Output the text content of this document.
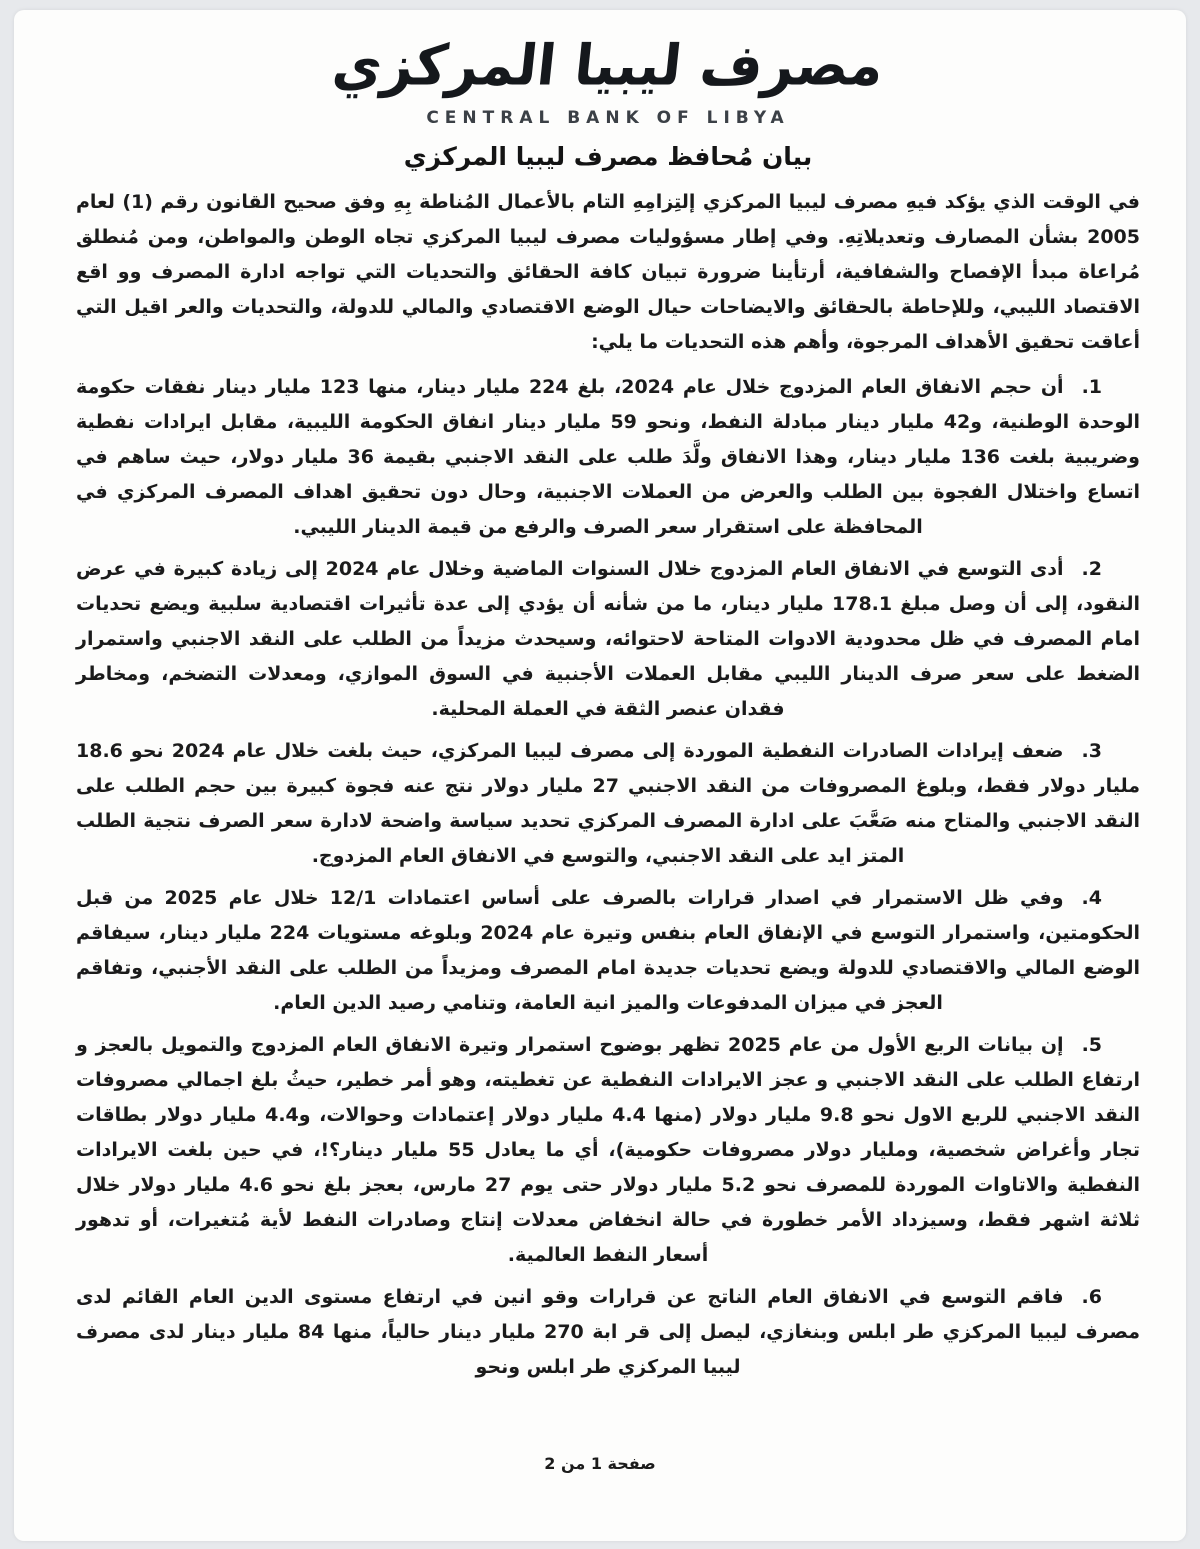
مصرف ليبيا المركزي
CENTRAL BANK OF LIBYA
بيان مُحافظ مصرف ليبيا المركزي

في الوقت الذي يؤكد فيهِ مصرف ليبيا المركزي إلتِزامِهِ التام بالأعمال المُناطة بِهِ وفق صحيح القانون رقم (1) لعام 2005 بشأن المصارف وتعديلاتِهِ. وفي إطار مسؤوليات مصرف ليبيا المركزي تجاه الوطن والمواطن، ومن مُنطلق مُراعاة مبدأ الإفصاح والشفافية، أرتأينا ضرورة تبيان كافة الحقائق والتحديات التي تواجه ادارة المصرف وو اقع الاقتصاد الليبي، وللإحاطة بالحقائق والايضاحات حيال الوضع الاقتصادي والمالي للدولة، والتحديات والعر اقيل التي أعاقت تحقيق الأهداف المرجوة، وأهم هذه التحديات ما يلي:

1.أن حجم الانفاق العام المزدوج خلال عام 2024، بلغ 224 مليار دينار، منها 123 مليار دينار نفقات حكومة الوحدة الوطنية، و42 مليار دينار مبادلة النفط، ونحو 59 مليار دينار انفاق الحكومة الليبية، مقابل ايرادات نفطية وضريبية بلغت 136 مليار دينار، وهذا الانفاق ولَّدَ طلب على النقد الاجنبي بقيمة 36 مليار دولار، حيث ساهم في اتساع واختلال الفجوة بين الطلب والعرض من العملات الاجنبية، وحال دون تحقيق اهداف المصرف المركزي في المحافظة على استقرار سعر الصرف والرفع من قيمة الدينار الليبي.

2.أدى التوسع في الانفاق العام المزدوج خلال السنوات الماضية وخلال عام 2024 إلى زيادة كبيرة في عرض النقود، إلى أن وصل مبلغ 178.1 مليار دينار، ما من شأنه أن يؤدي إلى عدة تأثيرات اقتصادية سلبية ويضع تحديات امام المصرف في ظل محدودية الادوات المتاحة لاحتوائه، وسيحدث مزيداً من الطلب على النقد الاجنبي واستمرار الضغط على سعر صرف الدينار الليبي مقابل العملات الأجنبية في السوق الموازي، ومعدلات التضخم، ومخاطر فقدان عنصر الثقة في العملة المحلية.

3.ضعف إيرادات الصادرات النفطية الموردة إلى مصرف ليبيا المركزي، حيث بلغت خلال عام 2024 نحو 18.6 مليار دولار فقط، وبلوغ المصروفات من النقد الاجنبي 27 مليار دولار نتج عنه فجوة كبيرة بين حجم الطلب على النقد الاجنبي والمتاح منه صَعَّبَ على ادارة المصرف المركزي تحديد سياسة واضحة لادارة سعر الصرف نتجية الطلب المتز ايد على النقد الاجنبي، والتوسع في الانفاق العام المزدوج.

4.وفي ظل الاستمرار في اصدار قرارات بالصرف على أساس اعتمادات 12/1 خلال عام 2025 من قبل الحكومتين، واستمرار التوسع في الإنفاق العام بنفس وتيرة عام 2024 وبلوغه مستويات 224 مليار دينار، سيفاقم الوضع المالي والاقتصادي للدولة ويضع تحديات جديدة امام المصرف ومزيداً من الطلب على النقد الأجنبي، وتفاقم العجز في ميزان المدفوعات والميز انية العامة، وتنامي رصيد الدين العام.

5.إن بيانات الربع الأول من عام 2025 تظهر بوضوح استمرار وتيرة الانفاق العام المزدوج والتمويل بالعجز و ارتفاع الطلب على النقد الاجنبي و عجز الايرادات النفطية عن تغطيته، وهو أمر خطير، حيثُ بلغ اجمالي مصروفات النقد الاجنبي للربع الاول نحو 9.8 مليار دولار (منها 4.4 مليار دولار إعتمادات وحوالات، و4.4 مليار دولار بطاقات تجار وأغراض شخصية، ومليار دولار مصروفات حكومية)، أي ما يعادل 55 مليار دينار؟!، في حين بلغت الايرادات النفطية والاتاوات الموردة للمصرف نحو 5.2 مليار دولار حتى يوم 27 مارس، بعجز بلغ نحو 4.6 مليار دولار خلال ثلاثة اشهر فقط، وسيزداد الأمر خطورة في حالة انخفاض معدلات إنتاج وصادرات النفط لأية مُتغيرات، أو تدهور أسعار النفط العالمية.

6.فاقم التوسع في الانفاق العام الناتج عن قرارات وقو انين في ارتفاع مستوى الدين العام القائم لدى مصرف ليبيا المركزي طر ابلس وبنغازي، ليصل إلى قر ابة 270 مليار دينار حالياً، منها 84 مليار دينار لدى مصرف ليبيا المركزي طر ابلس ونحو

صفحة 1 من 2
